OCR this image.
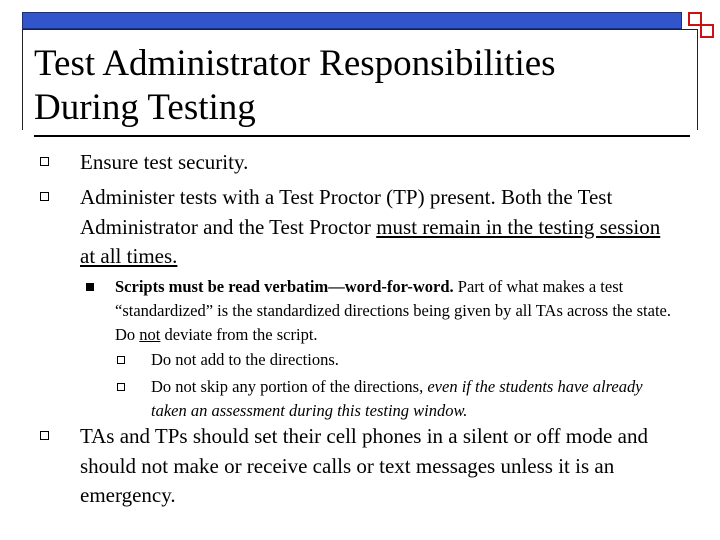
Test Administrator Responsibilities
During Testing
Ensure test security.
Administer tests with a Test Proctor (TP) present. Both the Test Administrator and the Test Proctor must remain in the testing session at all times.
Scripts must be read verbatim—word-for-word. Part of what makes a test “standardized” is the standardized directions being given by all TAs across the state. Do not deviate from the script.
Do not add to the directions.
Do not skip any portion of the directions, even if the students have already taken an assessment during this testing window.
TAs and TPs should set their cell phones in a silent or off mode and should not make or receive calls or text messages unless it is an emergency.
